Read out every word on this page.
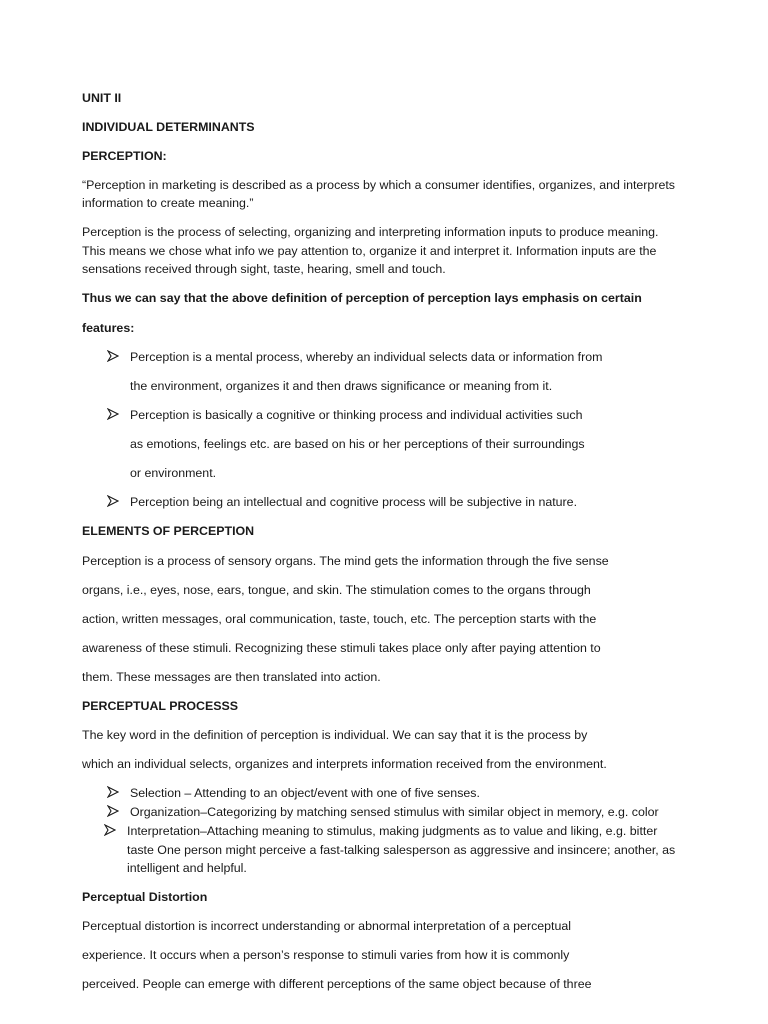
UNIT II
INDIVIDUAL DETERMINANTS
PERCEPTION:
“Perception in marketing is described as a process by which a consumer identifies, organizes, and interprets
information to create meaning.”
Perception is the process of selecting, organizing and interpreting information inputs to produce meaning.
This means we chose what info we pay attention to, organize it and interpret it. Information inputs are the
sensations received through sight, taste, hearing, smell and touch.
Thus we can say that the above definition of perception of perception lays emphasis on certain
features:
Perception is a mental process, whereby an individual selects data or information from
the environment, organizes it and then draws significance or meaning from it.
Perception is basically a cognitive or thinking process and individual activities such
as emotions, feelings etc. are based on his or her perceptions of their surroundings
or environment.
Perception being an intellectual and cognitive process will be subjective in nature.
ELEMENTS OF PERCEPTION
Perception is a process of sensory organs. The mind gets the information through the five sense
organs, i.e., eyes, nose, ears, tongue, and skin. The stimulation comes to the organs through
action, written messages, oral communication, taste, touch, etc. The perception starts with the
awareness of these stimuli. Recognizing these stimuli takes place only after paying attention to
them. These messages are then translated into action.
PERCEPTUAL PROCESSS
The key word in the definition of perception is individual. We can say that it is the process by
which an individual selects, organizes and interprets information received from the environment.
Selection – Attending to an object/event with one of five senses.
Organization–Categorizing by matching sensed stimulus with similar object in memory, e.g. color
Interpretation–Attaching meaning to stimulus, making judgments as to value and liking, e.g. bitter
taste One person might perceive a fast-talking salesperson as aggressive and insincere; another, as
intelligent and helpful.
Perceptual Distortion
Perceptual distortion is incorrect understanding or abnormal interpretation of a perceptual
experience. It occurs when a person’s response to stimuli varies from how it is commonly
perceived. People can emerge with different perceptions of the same object because of three
